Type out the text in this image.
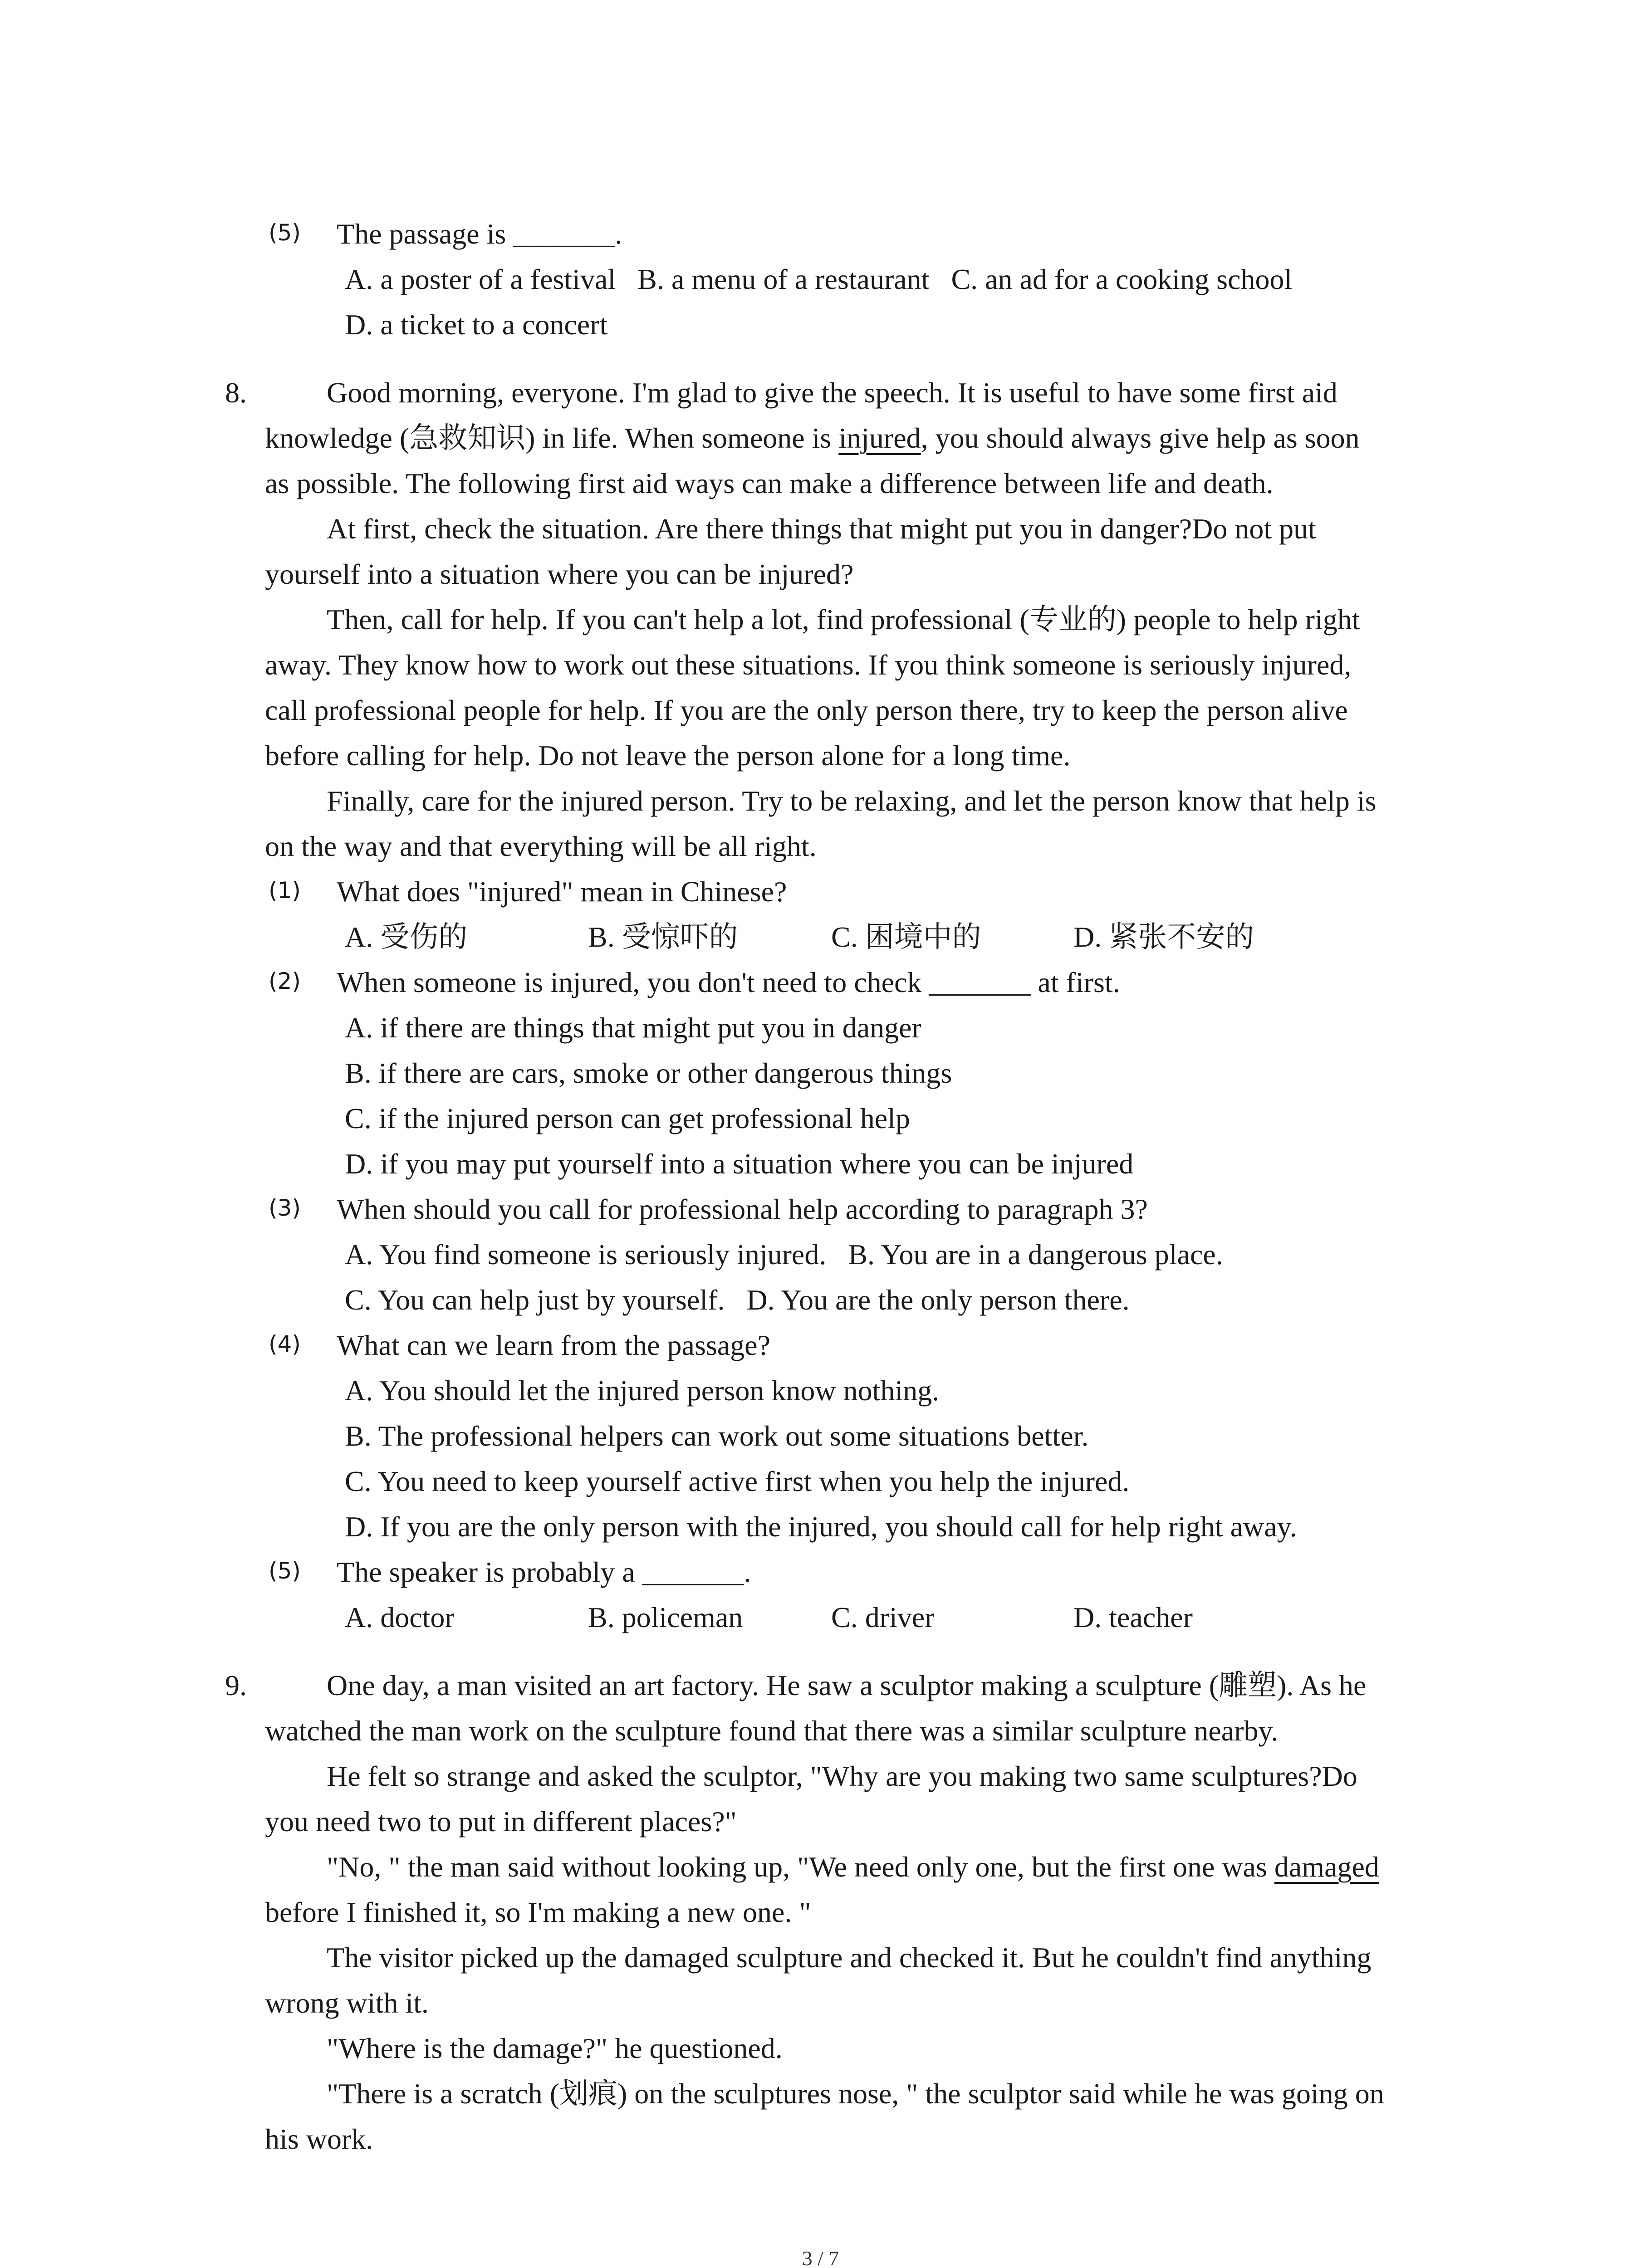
(5) The passage is _______.
A. a poster of a festival   B. a menu of a restaurant   C. an ad for a cooking school
D. a ticket to a concert
8.	Good morning, everyone. I'm glad to give the speech. It is useful to have some first aid
knowledge (急救知识) in life. When someone is injured, you should always give help as soon
as possible. The following first aid ways can make a difference between life and death.
At first, check the situation. Are there things that might put you in danger?Do not put
yourself into a situation where you can be injured?
Then, call for help. If you can't help a lot, find professional (专业的) people to help right
away. They know how to work out these situations. If you think someone is seriously injured,
call professional people for help. If you are the only person there, try to keep the person alive
before calling for help. Do not leave the person alone for a long time.
Finally, care for the injured person. Try to be relaxing, and let the person know that help is
on the way and that everything will be all right.
(1) What does "injured" mean in Chinese?
A. 受伤的	B. 受惊吓的	C. 困境中的	D. 紧张不安的
(2) When someone is injured, you don't need to check _______ at first.
A. if there are things that might put you in danger
B. if there are cars, smoke or other dangerous things
C. if the injured person can get professional help
D. if you may put yourself into a situation where you can be injured
(3) When should you call for professional help according to paragraph 3?
A. You find someone is seriously injured.   B. You are in a dangerous place.
C. You can help just by yourself.   D. You are the only person there.
(4) What can we learn from the passage?
A. You should let the injured person know nothing.
B. The professional helpers can work out some situations better.
C. You need to keep yourself active first when you help the injured.
D. If you are the only person with the injured, you should call for help right away.
(5) The speaker is probably a _______.
A. doctor	B. policeman	C. driver	D. teacher
9.	One day, a man visited an art factory. He saw a sculptor making a sculpture (雕塑). As he
watched the man work on the sculpture found that there was a similar sculpture nearby.
He felt so strange and asked the sculptor, "Why are you making two same sculptures?Do
you need two to put in different places?"
"No, " the man said without looking up, "We need only one, but the first one was damaged
before I finished it, so I'm making a new one. "
The visitor picked up the damaged sculpture and checked it. But he couldn't find anything
wrong with it.
"Where is the damage?" he questioned.
"There is a scratch (划痕) on the sculptures nose, " the sculptor said while he was going on
his work.
3 / 7
